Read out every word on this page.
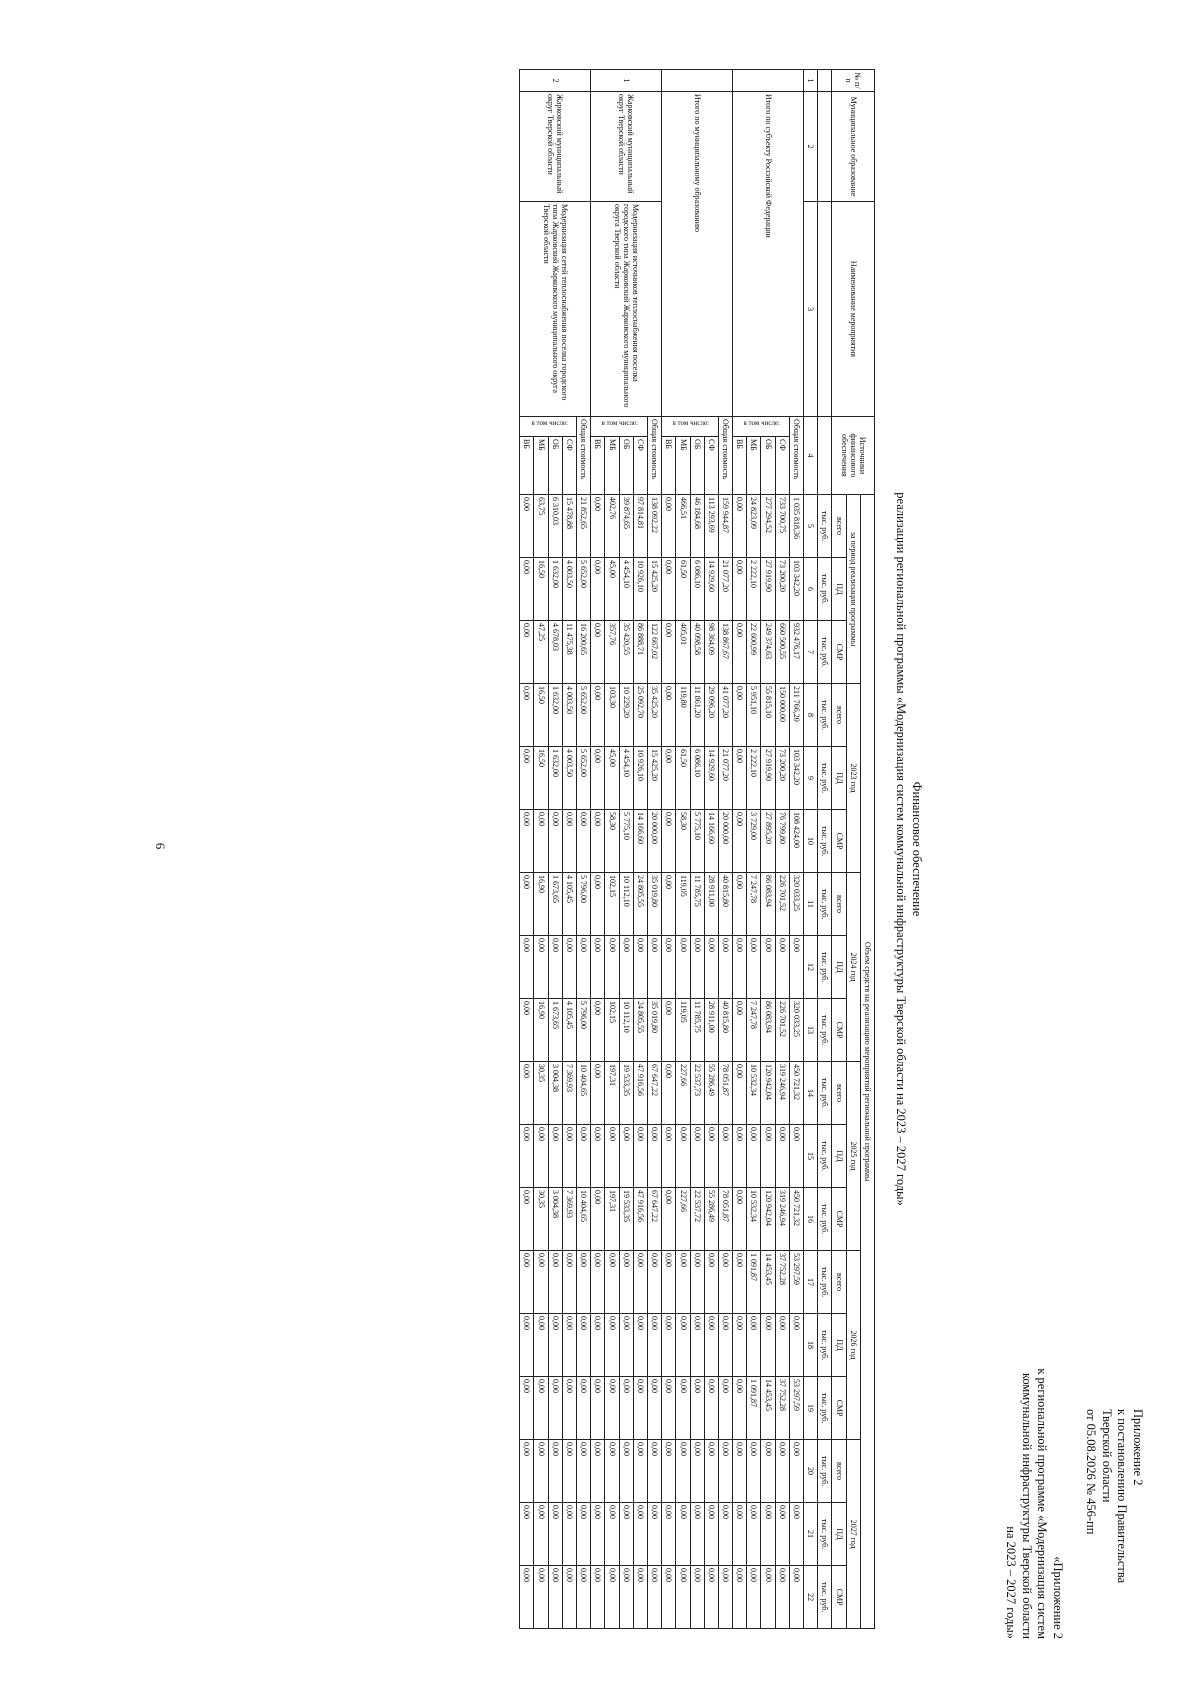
6
Приложение 2
к постановлению Правительства
Тверской области
от 05.08.2026 № 456-пп
«Приложение 2
к региональной программе «Модернизация систем
коммунальной инфраструктуры Тверской области
на 2023 – 2027 годы»
Финансовое обеспечение
реализации региональной программы «Модернизация систем коммунальной инфраструктуры Тверской области на 2023 – 2027 годы»
№ п/п	Муниципальное образование	Наименование мероприятия	Источники финансового обеспечения		Объем средств на реализацию мероприятий региональной программы																	
					за период реализации программы			2023 год			2024 год			2025 год			2026 год			2027 год		
					всего	ПД	СМР	всего	ПД	СМР	всего	ПД	СМР	всего	ПД	СМР	всего	ПД	СМР	всего	ПД	СМР
					тыс. руб.	тыс. руб.	тыс. руб.	тыс. руб.	тыс. руб.	тыс. руб.	тыс. руб.	тыс. руб.	тыс. руб.	тыс. руб.	тыс. руб.	тыс. руб.	тыс. руб.	тыс. руб.	тыс. руб.	тыс. руб.	тыс. руб.	тыс. руб.
1	2	3	4		5	6	7	8	9	10	11	12	13	14	15	16	17	18	19	20	21	22
	Итого по субъекту Российской Федерации		Общая стоимость		1 035 818,36	103 342,20	932 476,17	211 766,20	103 342,20	108 424,00	320 033,25	0,00	320 033,25	450 721,32	0,00	450 721,32	53 297,59	0,00	53 297,59	0,00	0,00	0,00
			в том числе:	СФ	733 700,75	73 200,20	660 500,55	150 000,00	73 200,20	76 799,80	226 701,52	0,00	226 701,52	319 246,94	0,00	319 246,94	37 752,28	0,00	37 752,28	0,00	0,00	0,00
				ОБ	277 294,52	27 919,90	249 374,63	55 815,10	27 919,90	27 895,20	86 083,94	0,00	86 083,94	120 942,04	0,00	120 942,04	14 453,45	0,00	14 453,45	0,00	0,00	0,00
				МБ	24 823,09	2 222,10	22 600,99	5 951,10	2 222,10	3 729,00	7 247,78	0,00	7 247,78	10 532,34	0,00	10 532,34	1 091,87	0,00	1 091,87	0,00	0,00	0,00
				ВБ	0,00	0,00	0,00	0,00	0,00	0,00	0,00	0,00	0,00	0,00	0,00	0,00	0,00	0,00	0,00	0,00	0,00	0,00
	Итого по муниципальному образованию		Общая стоимость		159 944,87	21 077,20	138 867,67	41 077,20	21 077,20	20 000,00	40 815,80	0,00	40 815,80	78 051,87	0,00	78 051,87	0,00	0,00	0,00	0,00	0,00	0,00
			в том числе:	СФ	113 293,69	14 929,60	98 364,09	29 096,20	14 929,60	14 166,60	28 911,00	0,00	28 911,00	55 286,49	0,00	55 286,49	0,00	0,00	0,00	0,00	0,00	0,00
				ОБ	46 184,68	6 086,10	40 098,58	11 861,20	6 086,10	5 775,10	11 785,75	0,00	11 785,75	22 537,73	0,00	22 537,72	0,00	0,00	0,00	0,00	0,00	0,00
				МБ	466,51	61,50	405,01	119,80	61,50	58,30	119,05	0,00	119,05	227,66	0,00	227,66	0,00	0,00	0,00	0,00	0,00	0,00
				ВБ	0,00	0,00	0,00	0,00	0,00	0,00	0,00	0,00	0,00	0,00	0,00	0,00	0,00	0,00	0,00	0,00	0,00	0,00
1	Жарковский муниципальный округ Тверской области	Модернизация источников теплоснабжения поселка городского типа Жарковский Жарковского муниципального округа Тверской области	Общая стоимость		138 092,22	15 425,20	122 667,02	35 425,20	15 425,20	20 000,00	35 019,80	0,00	35 019,80	67 647,22	0,00	67 647,22	0,00	0,00	0,00	0,00	0,00	0,00
			в том числе:	СФ	97 814,81	10 926,10	86 888,71	25 092,70	10 926,10	14 166,60	24 805,55	0,00	24 805,55	47 916,56	0,00	47 916,56	0,00	0,00	0,00	0,00	0,00	0,00
				ОБ	39 874,65	4 454,10	35 420,55	10 229,20	4 454,10	5 775,10	10 112,10	0,00	10 112,10	19 533,35	0,00	19 533,35	0,00	0,00	0,00	0,00	0,00	0,00
				МБ	402,76	45,00	357,76	103,30	45,00	58,30	102,15	0,00	102,15	197,31	0,00	197,31	0,00	0,00	0,00	0,00	0,00	0,00
				ВБ	0,00	0,00	0,00	0,00	0,00	0,00	0,00	0,00	0,00	0,00	0,00	0,00	0,00	0,00	0,00	0,00	0,00	0,00
2	Жарковский муниципальный округ Тверской области	Модернизация сетей теплоснабжения поселка городского типа Жарковский Жарковского муниципального округа Тверской области	Общая стоимость		21 852,65	5 652,00	16 200,65	5 652,00	5 652,00	0,00	5 796,00	0,00	5 796,00	10 404,65	0,00	10 404,65	0,00	0,00	0,00	0,00	0,00	0,00
			в том числе:	СФ	15 478,88	4 003,50	11 475,38	4 003,50	4 003,50	0,00	4 105,45	0,00	4 105,45	7 369,93	0,00	7 369,93	0,00	0,00	0,00	0,00	0,00	0,00
				ОБ	6 310,03	1 632,00	4 678,03	1 632,00	1 632,00	0,00	1 673,65	0,00	1 673,65	3 004,38	0,00	3 004,38	0,00	0,00	0,00	0,00	0,00	0,00
				МБ	63,75	16,50	47,25	16,50	16,50	0,00	16,90	0,00	16,90	30,35	0,00	30,35	0,00	0,00	0,00	0,00	0,00	0,00
				ВБ	0,00	0,00	0,00	0,00	0,00	0,00	0,00	0,00	0,00	0,00	0,00	0,00	0,00	0,00	0,00	0,00	0,00	0,00
